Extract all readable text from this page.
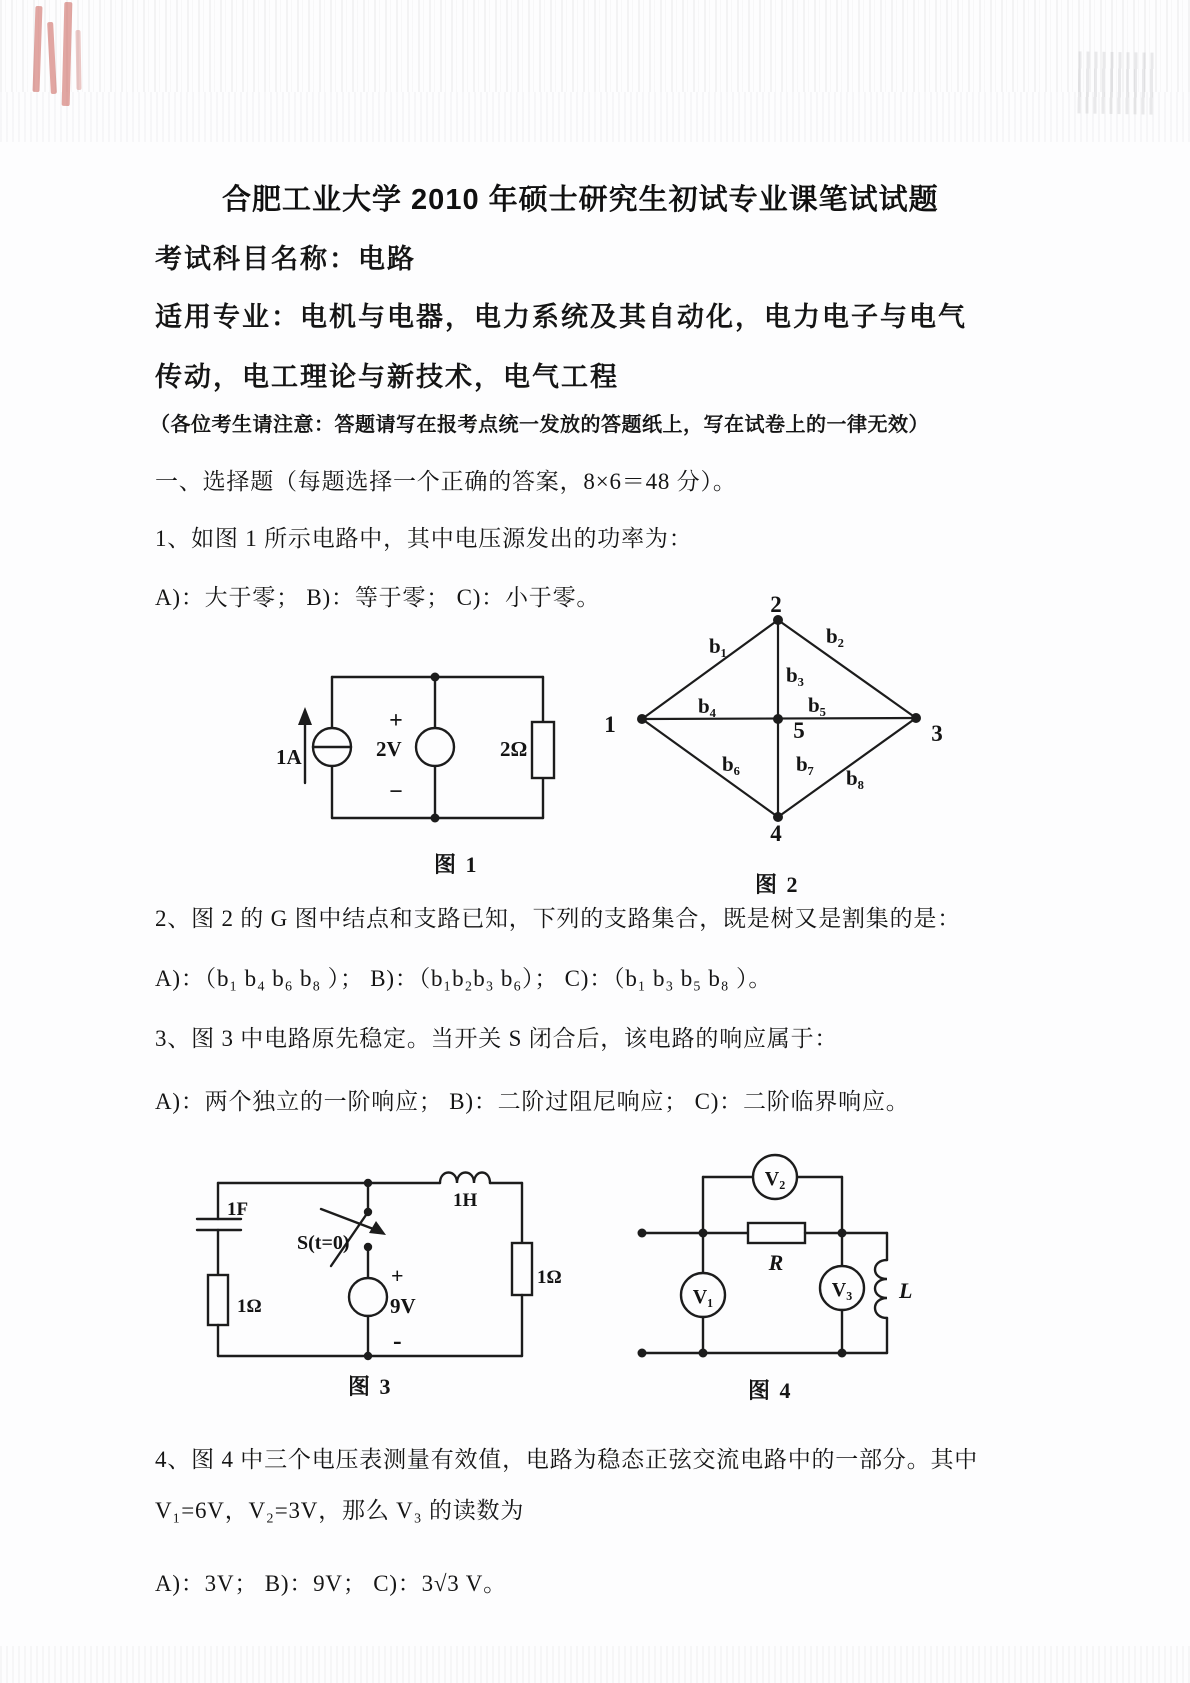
合肥工业大学 2010 年硕士研究生初试专业课笔试试题
考试科目名称：电路
适用专业：电机与电器，电力系统及其自动化，电力电子与电气
传动，电工理论与新技术，电气工程
（各位考生请注意：答题请写在报考点统一发放的答题纸上，写在试卷上的一律无效）
一、选择题（每题选择一个正确的答案，8×6＝48 分）。
1、如图 1 所示电路中，其中电压源发出的功率为：
A)：大于零； B)：等于零； C)：小于零。
1A
+
2V
−
2Ω
图 1
1
2
3
4
5
b₁	b₂
b₃
b₄	b₅
b₆	b₇
b₈
图 2
2、图 2 的 G 图中结点和支路已知，下列的支路集合，既是树又是割集的是：
A)：（b₁ b₄ b₆ b₈ ）； B)：（b₁b₂b₃ b₆）； C)：（b₁ b₃ b₅ b₈ ）。
3、图 3 中电路原先稳定。当开关 S 闭合后，该电路的响应属于：
A)：两个独立的一阶响应； B)：二阶过阻尼响应； C)：二阶临界响应。
1F
1Ω
S(t=0)
+
9V
-
1H
1Ω
图 3
V₂
V₁	V₃
R
L
图 4
4、图 4 中三个电压表测量有效值，电路为稳态正弦交流电路中的一部分。其中
V₁=6V，V₂=3V，那么 V₃ 的读数为
A)：3V； B)：9V； C)：3√3 V。
